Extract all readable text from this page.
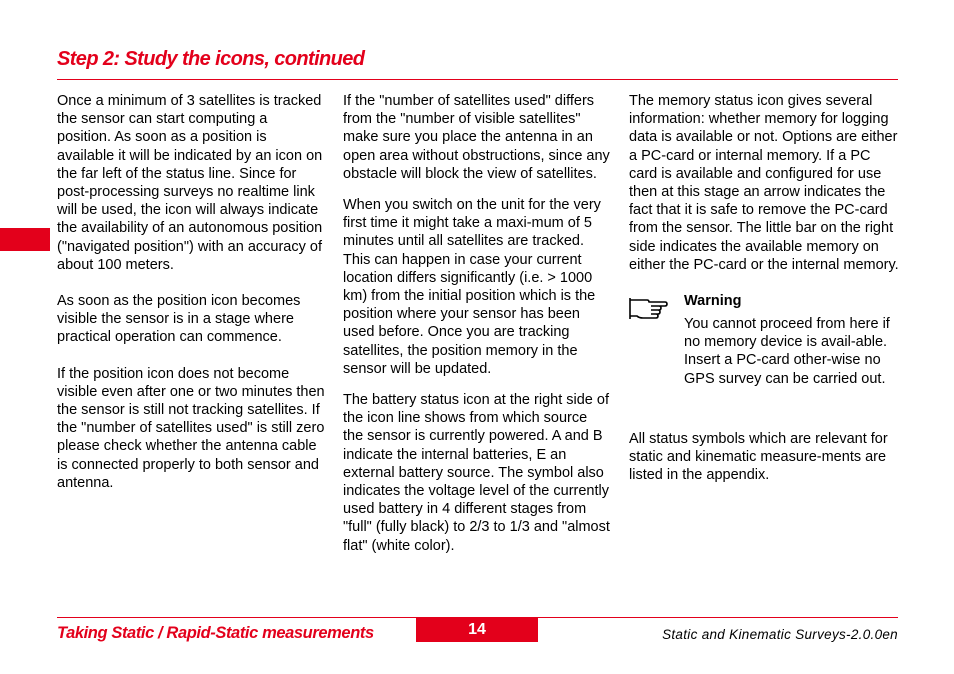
Step 2: Study the icons, continued

Once a minimum of 3 satellites is tracked the sensor can start computing a position. As soon as a position is available it will be indicated by an icon on the far left of the status line. Since for post-processing surveys no realtime link will be used, the icon will always indicate the availability of an autonomous position ("navigated position") with an accuracy of about 100 meters.

As soon as the position icon becomes visible the sensor is in a stage where practical operation can commence.

If the position icon does not become visible even after one or two minutes then the sensor is still not tracking satellites. If the "number of satellites used" is still zero please check whether the antenna cable is connected properly to both sensor and antenna.

If the "number of satellites used" differs from the "number of visible satellites" make sure you place the antenna in an open area without obstructions, since any obstacle will block the view of satellites.

When you switch on the unit for the very first time it might take a maxi-mum of 5 minutes until all satellites are tracked. This can happen in case your current location differs significantly (i.e. > 1000 km) from the initial position which is the position where your sensor has been used before. Once you are tracking satellites, the position memory in the sensor will be updated.

The battery status icon at the right side of the icon line shows from which source the sensor is currently powered. A and B indicate the internal batteries, E an external battery source. The symbol also indicates the voltage level of the currently used battery in 4 different stages from "full" (fully black) to 2/3 to 1/3 and "almost flat" (white color).

The memory status icon gives several information: whether memory for logging data is available or not. Options are either a PC-card or internal memory. If a PC card is available and configured for use then at this stage an arrow indicates the fact that it is safe to remove the PC-card from the sensor. The little bar on the right side indicates the available memory on either the PC-card or the internal memory.

Warning
You cannot proceed from here if no memory device is avail-able. Insert a PC-card other-wise no GPS survey can be carried out.

All status symbols which are relevant for static and kinematic measure-ments are listed in the appendix.

Taking Static / Rapid-Static measurements	14	Static and Kinematic Surveys-2.0.0en
